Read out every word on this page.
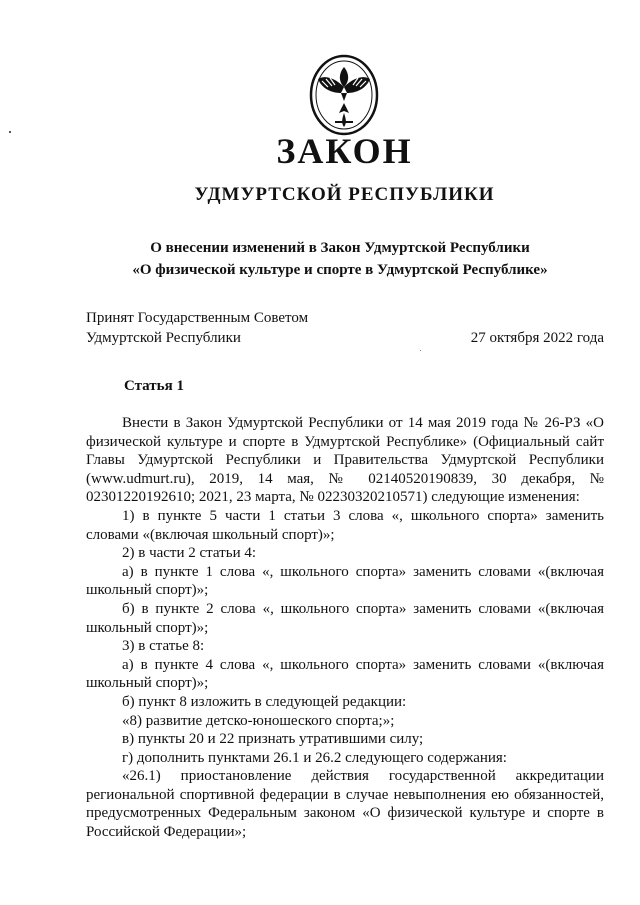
ЗАКОН
УДМУРТСКОЙ РЕСПУБЛИКИ
О внесении изменений в Закон Удмуртской Республики
«О физической культуре и спорте в Удмуртской Республике»
Принят Государственным Советом
Удмуртской Республики	27 октября 2022 года
Статья 1

Внести в Закон Удмуртской Республики от 14 мая 2019 года № 26-РЗ «О физической культуре и спорте в Удмуртской Республике» (Официальный сайт Главы Удмуртской Республики и Правительства Удмуртской Республики (www.udmurt.ru), 2019, 14 мая, № 02140520190839, 30 декабря, № 02301220192610; 2021, 23 марта, № 02230320210571) следующие изменения:

1) в пункте 5 части 1 статьи 3 слова «, школьного спорта» заменить словами «(включая школьный спорт)»;

2) в части 2 статьи 4:

а) в пункте 1 слова «, школьного спорта» заменить словами «(включая школьный спорт)»;

б) в пункте 2 слова «, школьного спорта» заменить словами «(включая школьный спорт)»;

3) в статье 8:

а) в пункте 4 слова «, школьного спорта» заменить словами «(включая школьный спорт)»;

б) пункт 8 изложить в следующей редакции:

«8) развитие детско-юношеского спорта;»;

в) пункты 20 и 22 признать утратившими силу;

г) дополнить пунктами 26.1 и 26.2 следующего содержания:

«26.1) приостановление действия государственной аккредитации региональной спортивной федерации в случае невыполнения ею обязанностей, предусмотренных Федеральным законом «О физической культуре и спорте в Российской Федерации»;
